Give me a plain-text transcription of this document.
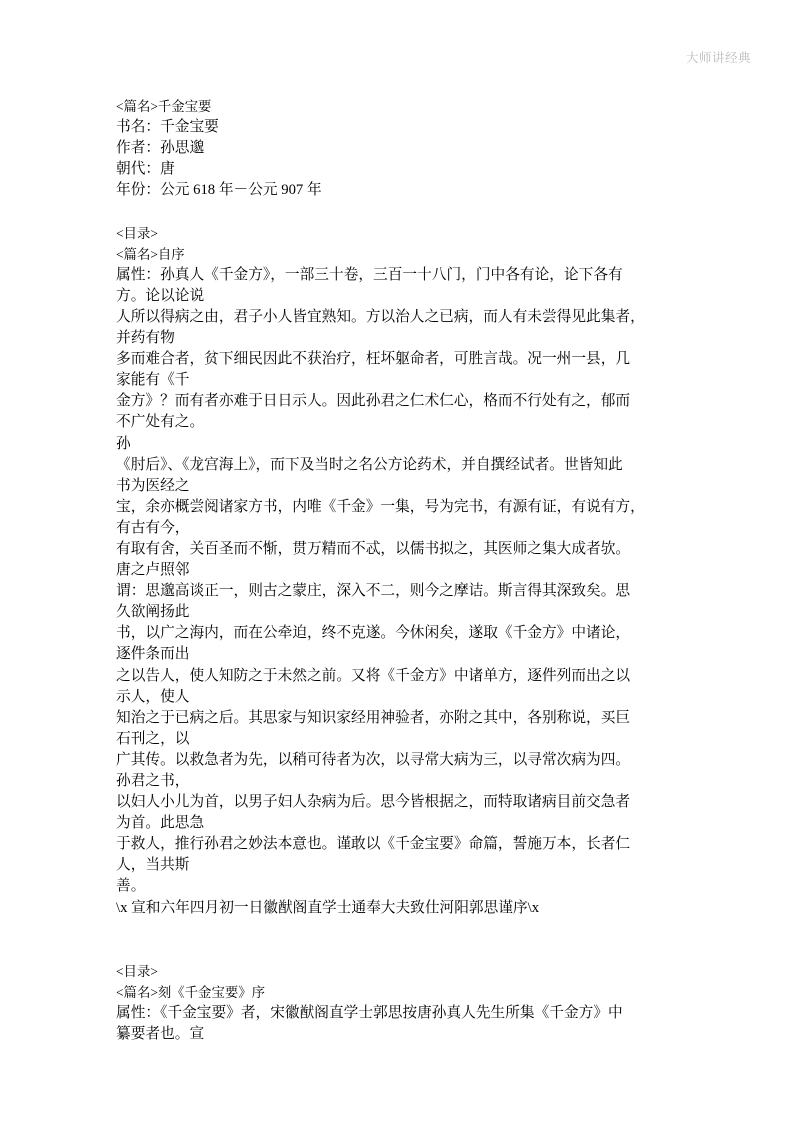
大师讲经典
<篇名>千金宝要
书名：千金宝要
作者：孙思邈
朝代：唐
年份：公元 618 年－公元 907 年
<目录>
<篇名>自序
属性：孙真人《千金方》，一部三十卷，三百一十八门，门中各有论，论下各有
方。论以论说
人所以得病之由，君子小人皆宜熟知。方以治人之已病，而人有未尝得见此集者，
并药有物
多而难合者，贫下细民因此不获治疗，枉坏躯命者，可胜言哉。况一州一县，几
家能有《千
金方》？而有者亦难于日日示人。因此孙君之仁术仁心，格而不行处有之，郁而
不广处有之。
孙
《肘后》、《龙宫海上》，而下及当时之名公方论药术，并自撰经试者。世皆知此
书为医经之
宝，余亦概尝阅诸家方书，内唯《千金》一集，号为完书，有源有证，有说有方，
有古有今，
有取有舍，关百圣而不惭，贯万精而不忒，以儒书拟之，其医师之集大成者欤。
唐之卢照邻
谓：思邈高谈正一，则古之蒙庄，深入不二，则今之摩诘。斯言得其深致矣。思
久欲阐扬此
书，以广之海内，而在公牵迫，终不克遂。今休闲矣，遂取《千金方》中诸论，
逐件条而出
之以告人，使人知防之于未然之前。又将《千金方》中诸单方，逐件列而出之以
示人，使人
知治之于已病之后。其思家与知识家经用神验者，亦附之其中，各别称说，买巨
石刊之，以
广其传。以救急者为先，以稍可待者为次，以寻常大病为三，以寻常次病为四。
孙君之书，
以妇人小儿为首，以男子妇人杂病为后。思今皆根据之，而特取诸病目前交急者
为首。此思急
于救人，推行孙君之妙法本意也。谨敢以《千金宝要》命篇，誓施万本，长者仁
人，当共斯
善。
\x 宣和六年四月初一日徽猷阁直学士通奉大夫致仕河阳郭思谨序\x
<目录>
<篇名>刻《千金宝要》序
属性：《千金宝要》者，宋徽猷阁直学士郭思按唐孙真人先生所集《千金方》中
纂要者也。宣
